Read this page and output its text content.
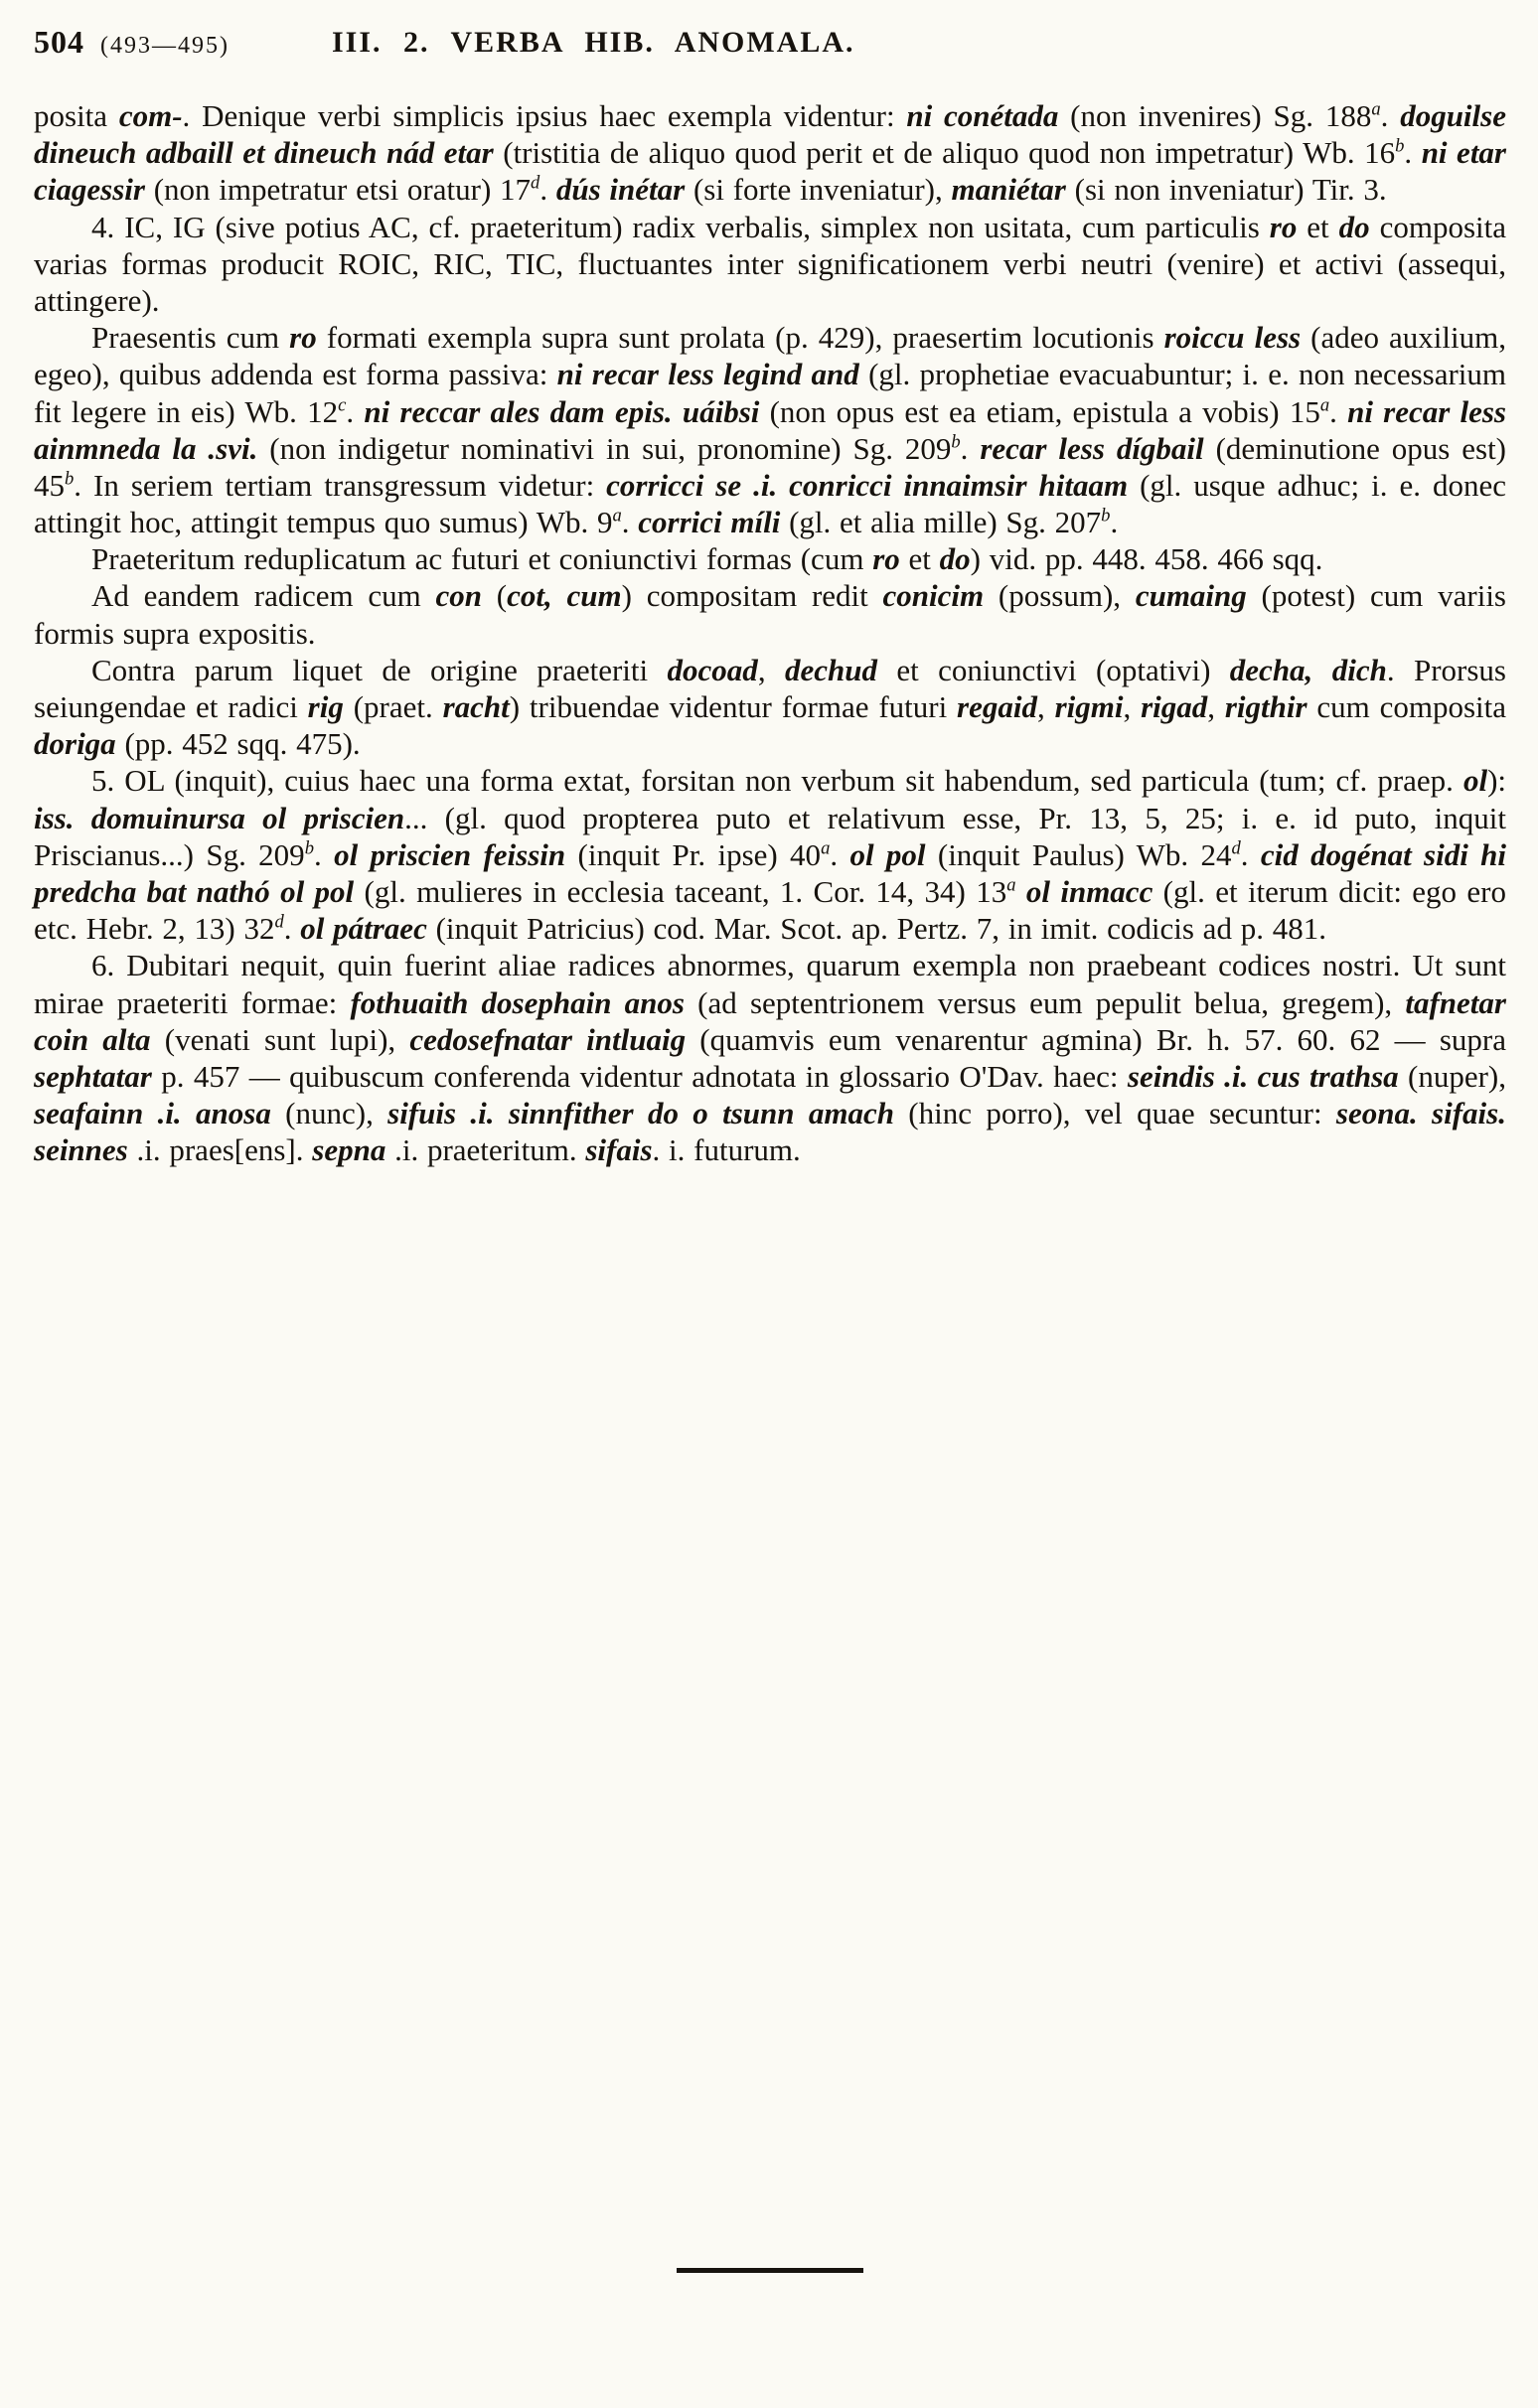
504 (493—495)	III. 2. VERBA HIB. ANOMALA.

posita com-. Denique verbi simplicis ipsius haec exempla videntur: ni conétada (non invenires) Sg. 188$^a$. doguilse dineuch adbaill et dineuch nád etar (tristitia de aliquo quod perit et de aliquo quod non impetratur) Wb. 16$^b$. ni etar ciagessir (non impetratur etsi oratur) 17$^d$. dús inétar (si forte inveniatur), maniétar (si non inveniatur) Tir. 3.

4. IC, IG (sive potius AC, cf. praeteritum) radix verbalis, simplex non usitata, cum particulis ro et do composita varias formas producit ROIC, RIC, TIC, fluctuantes inter significationem verbi neutri (venire) et activi (assequi, attingere).

Praesentis cum ro formati exempla supra sunt prolata (p. 429), praesertim locutionis roiccu less (adeo auxilium, egeo), quibus addenda est forma passiva: ni recar less legind and (gl. prophetiae evacuabuntur; i. e. non necessarium fit legere in eis) Wb. 12$^c$. ni reccar ales dam epis. uáibsi (non opus est ea etiam, epistula a vobis) 15$^a$. ni recar less ainmneda la .svi. (non indigetur nominativi in sui, pronomine) Sg. 209$^b$. recar less dígbail (deminutione opus est) 45$^b$. In seriem tertiam transgressum videtur: corricci se .i. conricci innaimsir hitaam (gl. usque adhuc; i. e. donec attingit hoc, attingit tempus quo sumus) Wb. 9$^a$. corrici míli (gl. et alia mille) Sg. 207$^b$.

Praeteritum reduplicatum ac futuri et coniunctivi formas (cum ro et do) vid. pp. 448. 458. 466 sqq.

Ad eandem radicem cum con (cot, cum) compositam redit conicim (possum), cumaing (potest) cum variis formis supra expositis.

Contra parum liquet de origine praeteriti docoad, dechud et coniunctivi (optativi) decha, dich. Prorsus seiungendae et radici rig (praet. racht) tribuendae videntur formae futuri regaid, rigmi, rigad, rigthir cum composita doriga (pp. 452 sqq. 475).

5. OL (inquit), cuius haec una forma extat, forsitan non verbum sit habendum, sed particula (tum; cf. praep. ol): iss. domuinursa ol priscien... (gl. quod propterea puto et relativum esse, Pr. 13, 5, 25; i. e. id puto, inquit Priscianus...) Sg. 209$^b$. ol priscien feissin (inquit Pr. ipse) 40$^a$. ol pol (inquit Paulus) Wb. 24$^d$. cid dogénat sidi hi predcha bat nathó ol pol (gl. mulieres in ecclesia taceant, 1. Cor. 14, 34) 13$^a$ ol inmacc (gl. et iterum dicit: ego ero etc. Hebr. 2, 13) 32$^d$. ol pátraec (inquit Patricius) cod. Mar. Scot. ap. Pertz. 7, in imit. codicis ad p. 481.

6. Dubitari nequit, quin fuerint aliae radices abnormes, quarum exempla non praebeant codices nostri. Ut sunt mirae praeteriti formae: fothuaith dosephain anos (ad septentrionem versus eum pepulit belua, gregem), tafnetar coin alta (venati sunt lupi), cedosefnatar intluaig (quamvis eum venarentur agmina) Br. h. 57. 60. 62 — supra sephtatar p. 457 — quibuscum conferenda videntur adnotata in glossario O'Dav. haec: seindis .i. cus trathsa (nuper), seafainn .i. anosa (nunc), sifuis .i. sinnfither do o tsunn amach (hinc porro), vel quae secuntur: seona. sifais. seinnes .i. praes[ens]. sepna .i. praeteritum. sifais. i. futurum.
